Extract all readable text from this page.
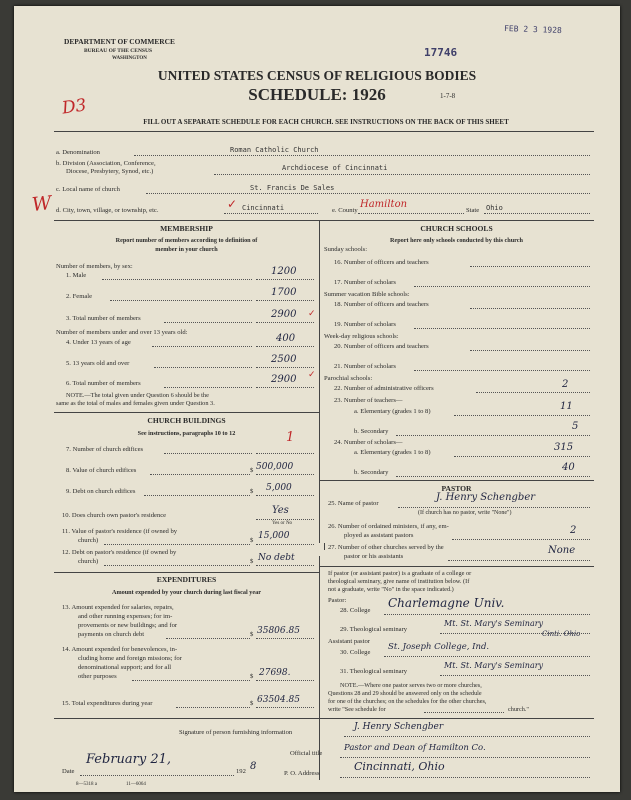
DEPARTMENT OF COMMERCE
BUREAU OF THE CENSUS
WASHINGTON
FEB 2 3 1928
17746
UNITED STATES CENSUS OF RELIGIOUS BODIES
SCHEDULE: 1926	1-7-8
D3
FILL OUT A SEPARATE SCHEDULE FOR EACH CHURCH. SEE INSTRUCTIONS ON THE BACK OF THIS SHEET
a. Denomination	Roman Catholic Church
b. Division (Association, Conference,
Diocese, Presbytery, Synod, etc.)	Archdiocese of Cincinnati
c. Local name of church	St. Francis De Sales
d. City, town, village, or township, etc.	✓ Cincinnati	e. County
Hamilton
State Ohio
W
MEMBERSHIP
Report number of members according to definition of
member in your church
Number of members, by sex:
1. Male	1200
2. Female	1700
3. Total number of members	2900 ✓
Number of members under and over 13 years old:
4. Under 13 years of age	400
5. 13 years old and over	2500
6. Total number of members	2900 ✓
NOTE.—The total given under Question 6 should be the
same as the total of males and females given under Question 3.
CHURCH BUILDINGS
See instructions, paragraphs 10 to 12
7. Number of church edifices
1
8. Value of church edifices	$ 500,000
9. Debt on church edifices	$ 5,000
10. Does church own pastor's residence	Yes
Yes or No
11. Value of pastor's residence (if owned by
church)	$ 15,000
12. Debt on pastor's residence (if owned by
church)	$ No debt
EXPENDITURES
Amount expended by your church during last fiscal year
13. Amount expended for salaries, repairs,
and other running expenses; for im-
provements or new buildings; and for
payments on church debt	$ 35806.85
14. Amount expended for benevolences, in-
cluding home and foreign missions; for
denominational support; and for all
other purposes	$ 27698.
15. Total expenditures during year	$ 63504.85
CHURCH SCHOOLS
Report here only schools conducted by this church
Sunday schools:
16. Number of officers and teachers
17. Number of scholars
Summer vacation Bible schools:
18. Number of officers and teachers
19. Number of scholars
Week-day religious schools:
20. Number of officers and teachers
21. Number of scholars
Parochial schools:
22. Number of administrative officers	2
23. Number of teachers—
a. Elementary (grades 1 to 8)	11
b. Secondary	5
24. Number of scholars—
a. Elementary (grades 1 to 8)	315
b. Secondary	40
PASTOR
25. Name of pastor
J. Henry Schengber
(If church has no pastor, write "None")
26. Number of ordained ministers, if any, em-
ployed as assistant pastors	2
27. Number of other churches served by the
pastor or his assistants
None
If pastor (or assistant pastor) is a graduate of a college or
theological seminary, give name of institution below. (If
not a graduate, write "No" in the space indicated.)
Pastor:
28. College
Charlemagne Univ.
29. Theological seminary
Mt. St. Mary's Seminary
Cinti. Ohio
Assistant pastor
30. College
St. Joseph College, Ind.
31. Theological seminary
Mt. St. Mary's Seminary
NOTE.—Where one pastor serves two or more churches,
Questions 28 and 29 should be answered only on the schedule
for one of the churches; on the schedules for the other churches,
write "See schedule for	church."
Signature of person furnishing information
J. Henry Schengber
Official title
Pastor and Dean of Hamilton Co.
Date
February 21,
192 8
P. O. Address
Cincinnati, Ohio
8—5318 a	11—6064
